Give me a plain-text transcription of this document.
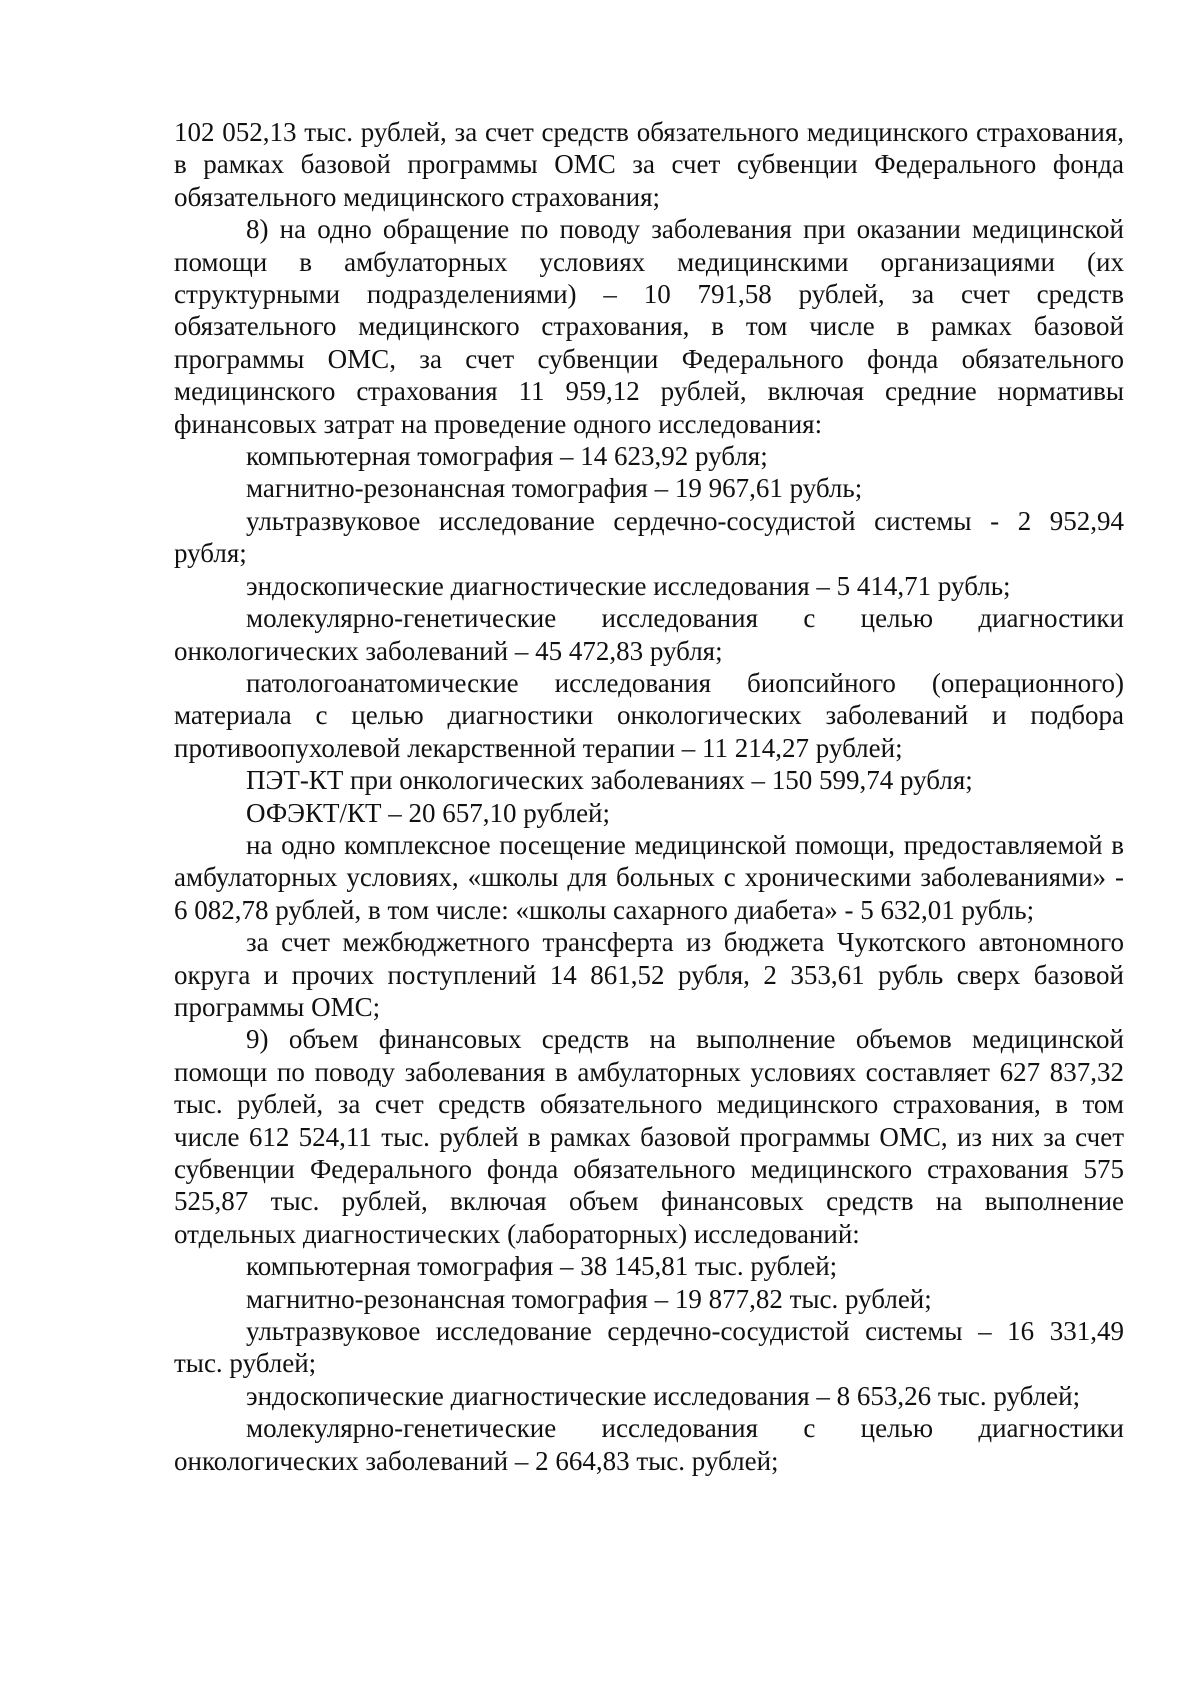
102 052,13 тыс. рублей, за счет средств обязательного медицинского страхования, в рамках базовой программы ОМС за счет субвенции Федерального фонда обязательного медицинского страхования;

8) на одно обращение по поводу заболевания при оказании медицинской помощи в амбулаторных условиях медицинскими организациями (их структурными подразделениями) – 10 791,58 рублей, за счет средств обязательного медицинского страхования, в том числе в рамках базовой программы ОМС, за счет субвенции Федерального фонда обязательного медицинского страхования 11 959,12 рублей, включая средние нормативы финансовых затрат на проведение одного исследования:

компьютерная томография – 14 623,92 рубля;

магнитно-резонансная томография – 19 967,61 рубль;

ультразвуковое исследование сердечно-сосудистой системы - 2 952,94 рубля;

эндоскопические диагностические исследования – 5 414,71 рубль;

молекулярно-генетические исследования с целью диагностики онкологических заболеваний – 45 472,83 рубля;

патологоанатомические исследования биопсийного (операционного) материала с целью диагностики онкологических заболеваний и подбора противоопухолевой лекарственной терапии – 11 214,27 рублей;

ПЭТ-КТ при онкологических заболеваниях – 150 599,74 рубля;

ОФЭКТ/КТ – 20 657,10 рублей;

на одно комплексное посещение медицинской помощи, предоставляемой в амбулаторных условиях, «школы для больных с хроническими заболеваниями» - 6 082,78 рублей, в том числе: «школы сахарного диабета» - 5 632,01 рубль;

за счет межбюджетного трансферта из бюджета Чукотского автономного округа и прочих поступлений 14 861,52 рубля, 2 353,61 рубль сверх базовой программы ОМС;

9) объем финансовых средств на выполнение объемов медицинской помощи по поводу заболевания в амбулаторных условиях составляет 627 837,32 тыс. рублей, за счет средств обязательного медицинского страхования, в том числе 612 524,11 тыс. рублей в рамках базовой программы ОМС, из них за счет субвенции Федерального фонда обязательного медицинского страхования 575 525,87 тыс. рублей, включая объем финансовых средств на выполнение отдельных диагностических (лабораторных) исследований:

компьютерная томография – 38 145,81 тыс. рублей;

магнитно-резонансная томография – 19 877,82 тыс. рублей;

ультразвуковое исследование сердечно-сосудистой системы – 16 331,49 тыс. рублей;

эндоскопические диагностические исследования – 8 653,26 тыс. рублей;

молекулярно-генетические исследования с целью диагностики онкологических заболеваний – 2 664,83 тыс. рублей;
